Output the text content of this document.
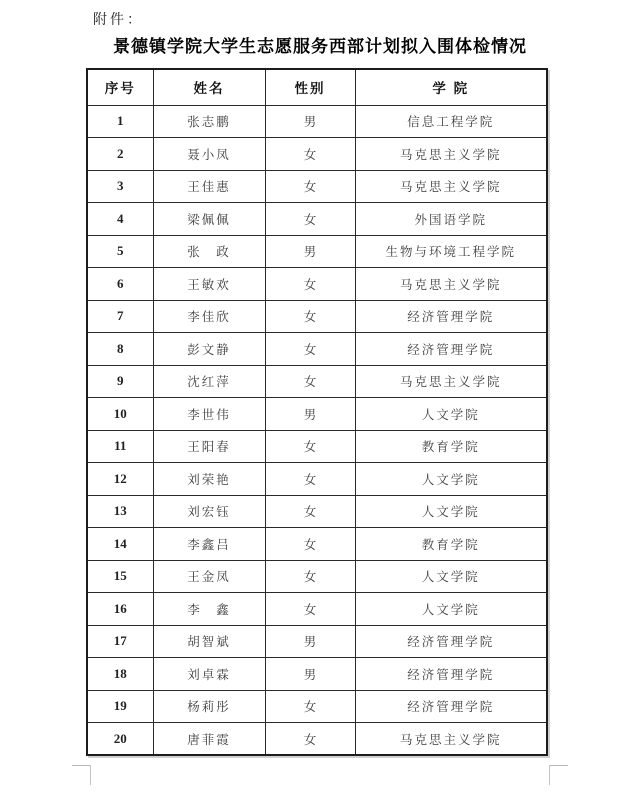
附件：
景德镇学院大学生志愿服务西部计划拟入围体检情况
序号	姓名	性别	学 院
1	张志鹏	男	信息工程学院
2	聂小凤	女	马克思主义学院
3	王佳惠	女	马克思主义学院
4	梁佩佩	女	外国语学院
5	张　政	男	生物与环境工程学院
6	王敏欢	女	马克思主义学院
7	李佳欣	女	经济管理学院
8	彭文静	女	经济管理学院
9	沈红萍	女	马克思主义学院
10	李世伟	男	人文学院
11	王阳春	女	教育学院
12	刘荣艳	女	人文学院
13	刘宏钰	女	人文学院
14	李鑫吕	女	教育学院
15	王金凤	女	人文学院
16	李　鑫	女	人文学院
17	胡智斌	男	经济管理学院
18	刘卓霖	男	经济管理学院
19	杨莉彤	女	经济管理学院
20	唐菲霞	女	马克思主义学院
